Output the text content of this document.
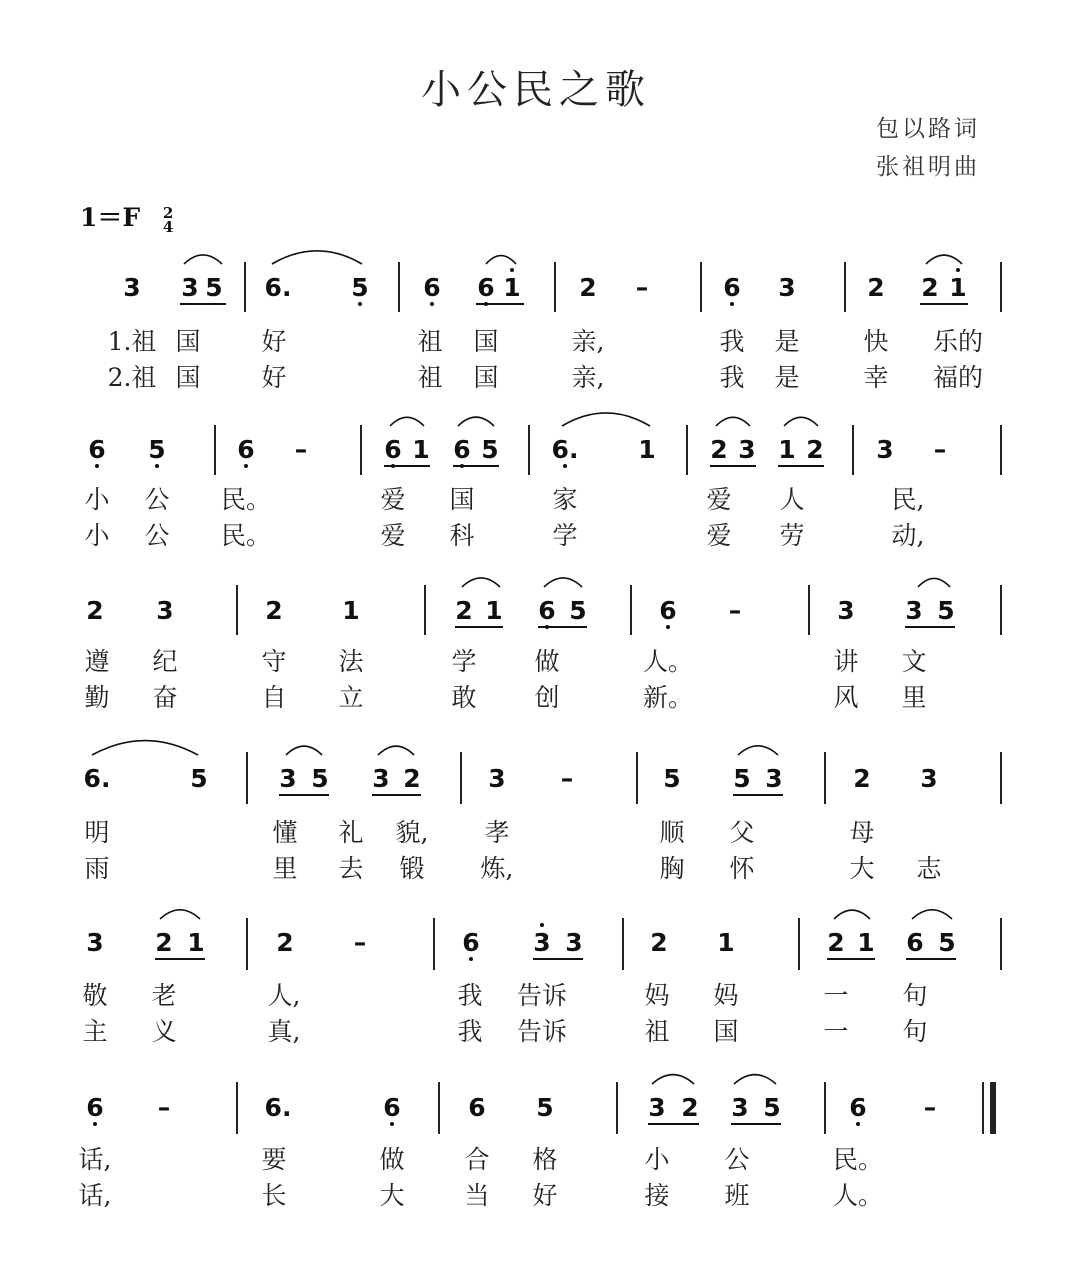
小公民之歌
包以路词
张祖明曲
1＝F 2
4
3 3 5 6. 5 6 6 1 2 –	6 3	2 2 1
1.祖 国 好	祖 国	亲,	我 是	快 乐的
2.祖 国 好	祖 国	亲,	我 是	幸 福的
6 5	6 –	6 1 6 5 6. 1 2 3 1 2 3 –
小 公 民。	爱 国	家	爱 人	民,
小 公 民。	爱 科	学	爱 劳	动,
2 3	2 1	2 1 6 5	6 –	3 3 5
遵 纪	守 法	学 做	人。	讲 文
勤 奋	自 立	敢 创	新。	风 里
6.	5	3 5 3 2	3 –	5 5 3	2 3
明	懂 礼 貌, 孝	顺 父	母
雨	里 去 锻 炼,	胸 怀	大 志
3 2 1	2 –	6 3 3	2 1	2 1 6 5
敬 老	人,	我 告诉	妈 妈	一 句
主 义	真,	我 告诉	祖 国	一 句
6 –	6.	6	6 5	3 2 3 5	6 –
话,	要	做 合 格	小 公	民。
话,	长	大 当 好	接 班	人。
